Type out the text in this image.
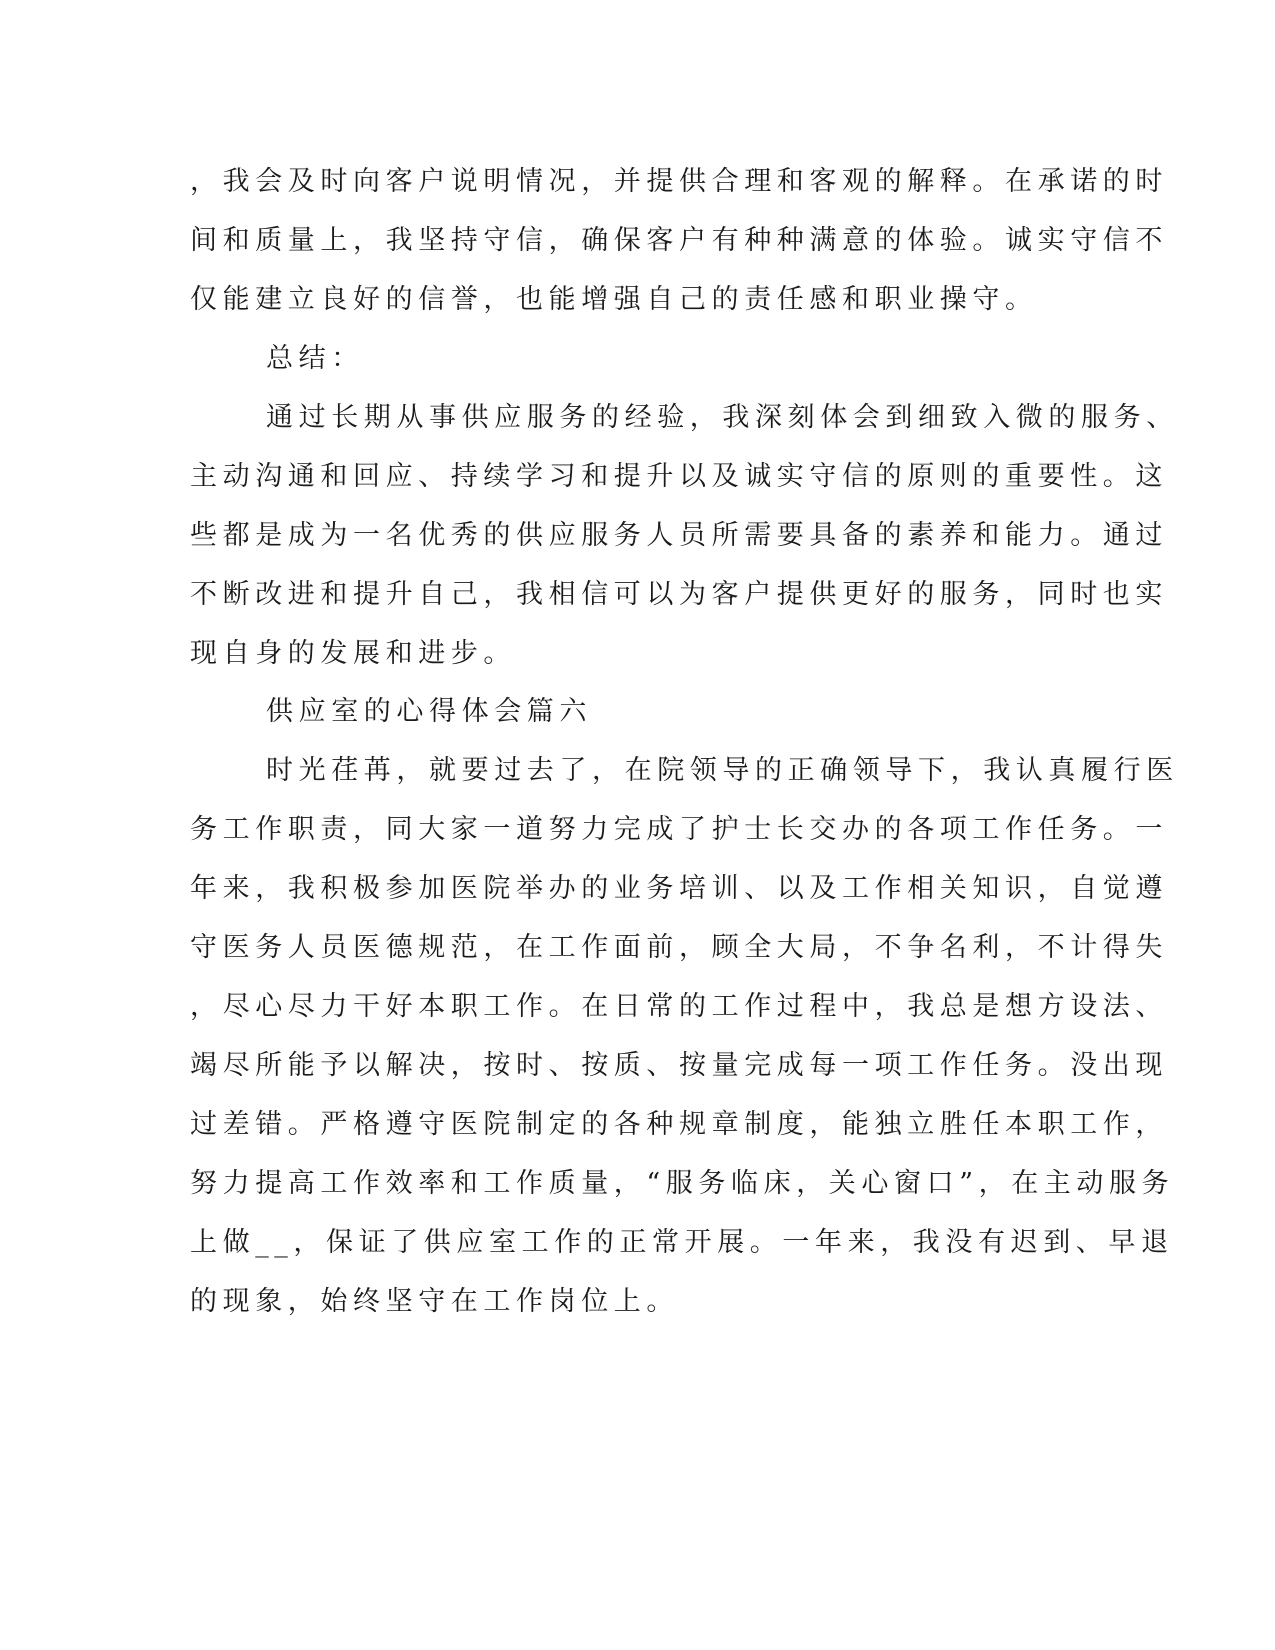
，我会及时向客户说明情况，并提供合理和客观的解释。在承诺的时
间和质量上，我坚持守信，确保客户有种种满意的体验。诚实守信不
仅能建立良好的信誉，也能增强自己的责任感和职业操守。
总结：
通过长期从事供应服务的经验，我深刻体会到细致入微的服务、
主动沟通和回应、持续学习和提升以及诚实守信的原则的重要性。这
些都是成为一名优秀的供应服务人员所需要具备的素养和能力。通过
不断改进和提升自己，我相信可以为客户提供更好的服务，同时也实
现自身的发展和进步。
供应室的心得体会篇六
时光荏苒，就要过去了，在院领导的正确领导下，我认真履行医
务工作职责，同大家一道努力完成了护士长交办的各项工作任务。一
年来，我积极参加医院举办的业务培训、以及工作相关知识，自觉遵
守医务人员医德规范，在工作面前，顾全大局，不争名利，不计得失
，尽心尽力干好本职工作。在日常的工作过程中，我总是想方设法、
竭尽所能予以解决，按时、按质、按量完成每一项工作任务。没出现
过差错。严格遵守医院制定的各种规章制度，能独立胜任本职工作，
努力提高工作效率和工作质量，“服务临床，关心窗口”，在主动服务
上做__，保证了供应室工作的正常开展。一年来，我没有迟到、早退
的现象，始终坚守在工作岗位上。
